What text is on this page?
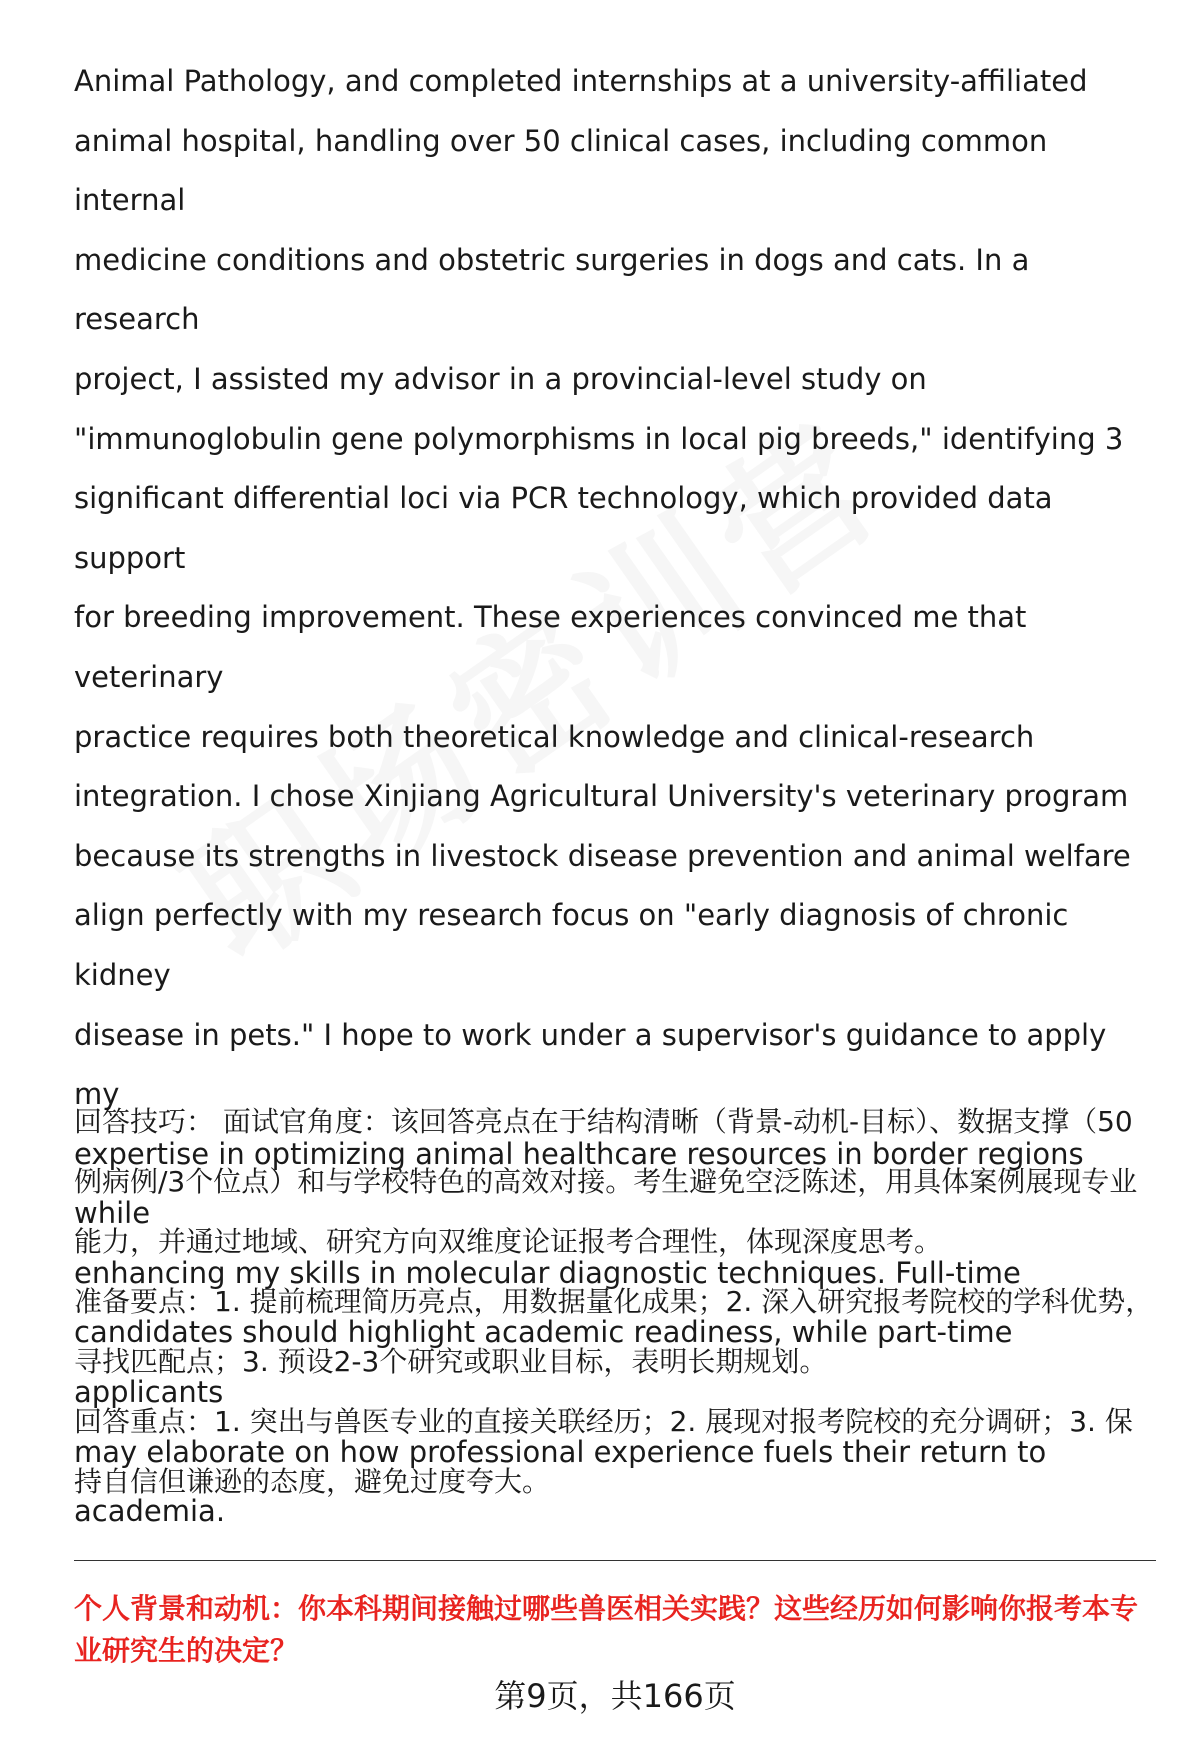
Animal Pathology, and completed internships at a university-affiliated
animal hospital, handling over 50 clinical cases, including common internal
medicine conditions and obstetric surgeries in dogs and cats. In a research
project, I assisted my advisor in a provincial-level study on
"immunoglobulin gene polymorphisms in local pig breeds," identifying 3
significant differential loci via PCR technology, which provided data support
for breeding improvement. These experiences convinced me that veterinary
practice requires both theoretical knowledge and clinical-research
integration. I chose Xinjiang Agricultural University's veterinary program
because its strengths in livestock disease prevention and animal welfare
align perfectly with my research focus on "early diagnosis of chronic kidney
disease in pets." I hope to work under a supervisor's guidance to apply my
expertise in optimizing animal healthcare resources in border regions while
enhancing my skills in molecular diagnostic techniques. Full-time
candidates should highlight academic readiness, while part-time applicants
may elaborate on how professional experience fuels their return to
academia.

回答技巧： 面试官角度：该回答亮点在于结构清晰（背景-动机-目标）、数据支撑（50例病例/3个位点）和与学校特色的高效对接。考生避免空泛陈述，用具体案例展现专业能力，并通过地域、研究方向双维度论证报考合理性，体现深度思考。

准备要点：1. 提前梳理简历亮点，用数据量化成果；2. 深入研究报考院校的学科优势，寻找匹配点；3. 预设2-3个研究或职业目标，表明长期规划。

回答重点：1. 突出与兽医专业的直接关联经历；2. 展现对报考院校的充分调研；3. 保持自信但谦逊的态度，避免过度夸大。

个人背景和动机：你本科期间接触过哪些兽医相关实践？这些经历如何影响你报考本专业研究生的决定？

第9页，共166页
